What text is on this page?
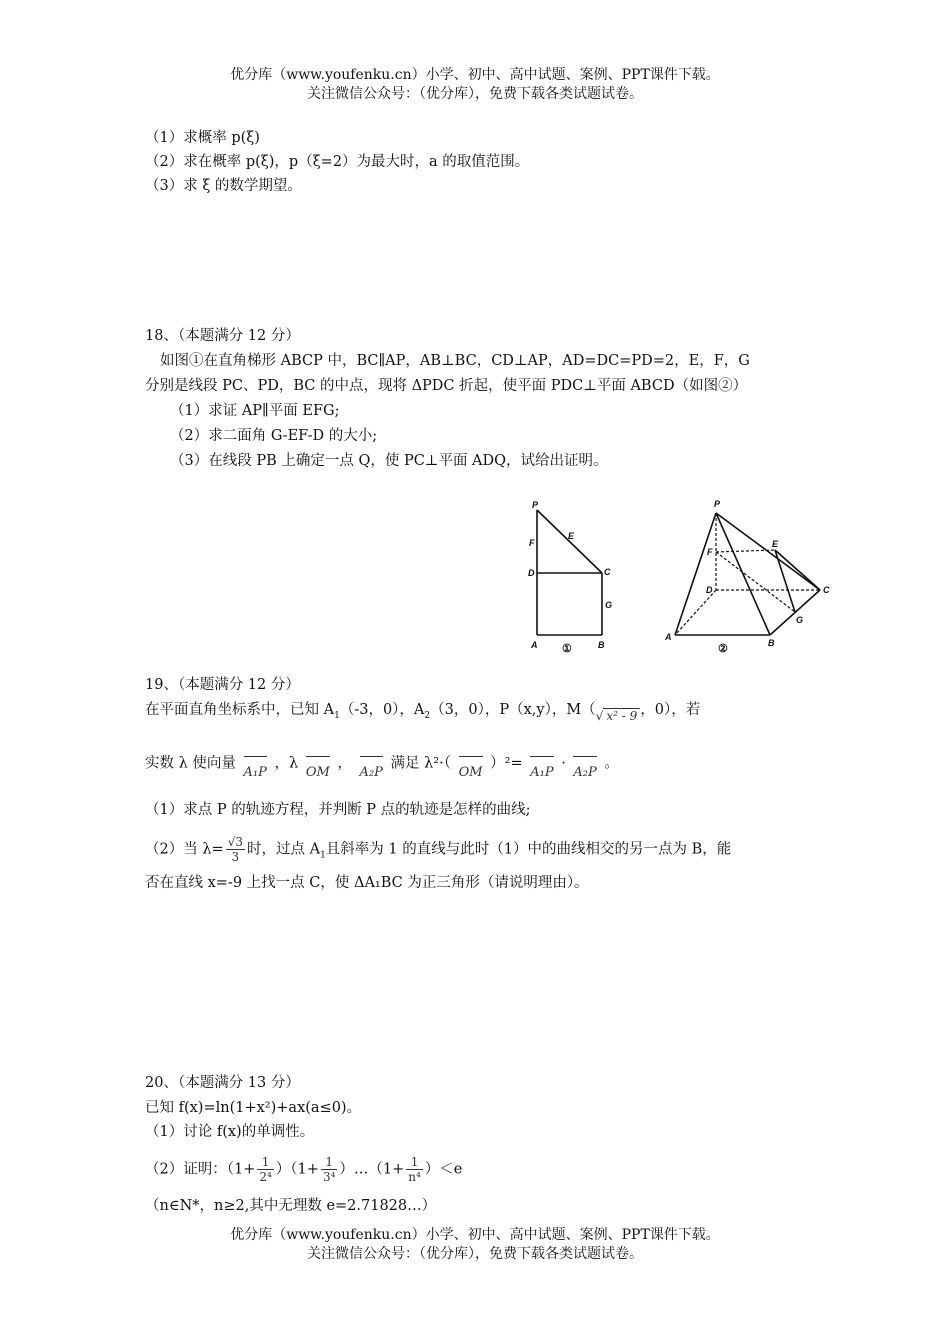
优分库（www.youfenku.cn）小学、初中、高中试题、案例、PPT课件下载。
关注微信公众号：（优分库），免费下载各类试题试卷。
（1）求概率 p(ξ)
（2）求在概率 p(ξ)，p（ξ=2）为最大时，a 的取值范围。
（3）求 ξ 的数学期望。
18、（本题满分 12 分）
如图①在直角梯形 ABCP 中，BC∥AP，AB⊥BC，CD⊥AP，AD=DC=PD=2，E，F，G
分别是线段 PC、PD，BC 的中点，现将 ΔPDC 折起，使平面 PDC⊥平面 ABCD（如图②）
（1）求证 AP∥平面 EFG;
（2）求二面角 G-EF-D 的大小;
（3）在线段 PB 上确定一点 Q，使 PC⊥平面 ADQ，试给出证明。
P
F
E
D	C
G
A	B
①
P
F
E
D	C
G
A
B
②
19、（本题满分 12 分）
在平面直角坐标系中，已知 $A_1(-3$，0），$A_2(3$，0），P（x,y），M（√ x² - 9 ，0），若
实数 λ 使向量
A₁P ，λ
OM ，
A₂P 满足 λ²·（
OM ）²=
A₁P ·
A₂P 。
（1）求点 P 的轨迹方程，并判断 P 点的轨迹是怎样的曲线;
（2）当 $\lambda= \frac{√3}{3}$ 时，过点 $A_1$且斜率为 1 的直线与此时（1）中的曲线相交的另一点为 B，能
否在直线 x=-9 上找一点 C，使 ΔA₁BC 为正三角形（请说明理由）。
20、（本题满分 13 分）
已知 f(x)=ln(1+x²)+ax(a≤0)。
（1）讨论 f(x)的单调性。
（2）证明：$(1+ \frac{1}{\text{2⁴}} )(1+ \frac{1}{\text{3⁴}}$ ）…（1+ $\frac{1}{\text{n⁴}} )<e$
（n∈N*，n≥2,其中无理数 e=2.71828…）
优分库（www.youfenku.cn）小学、初中、高中试题、案例、PPT课件下载。
关注微信公众号：（优分库），免费下载各类试题试卷。
